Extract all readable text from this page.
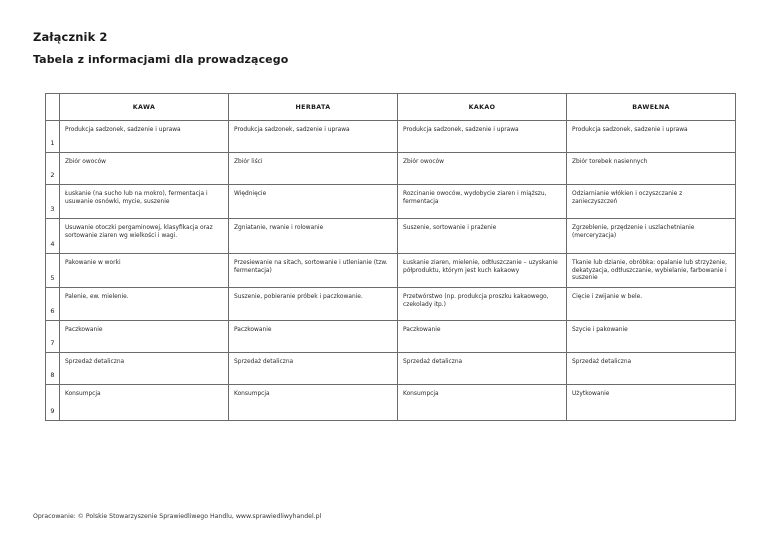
Załącznik 2
Tabela z informacjami dla prowadzącego
	KAWA	HERBATA	KAKAO	BAWEŁNA
1	Produkcja sadzonek, sadzenie i uprawa	Produkcja sadzonek, sadzenie i uprawa	Produkcja sadzonek, sadzenie i uprawa	Produkcja sadzonek, sadzenie i uprawa
2	Zbiór owoców	Zbiór liści	Zbiór owoców	Zbiór torebek nasiennych
3	Łuskanie (na sucho lub na mokro), fermentacja i usuwanie osnówki, mycie, suszenie	Więdnięcie	Rozcinanie owoców, wydobycie ziaren i miąższu, fermentacja	Odziarnianie włókien i oczyszczanie z zanieczyszczeń
4	Usuwanie otoczki pergaminowej, klasyfikacja oraz sortowanie ziaren wg wielkości i wagi.	Zgniatanie, rwanie i rolowanie	Suszenie, sortowanie i prażenie	Zgrzeblenie, przędzenie i uszlachetnianie (merceryzacja)
5	Pakowanie w worki	Przesiewanie na sitach, sortowanie i utlenianie (tzw. fermentacja)	Łuskanie ziaren, mielenie, odtłuszczanie – uzyskanie półproduktu, którym jest kuch kakaowy	Tkanie lub dzianie, obróbka: opalanie lub strzyżenie, dekatyzacja, odtłuszczanie, wybielanie, farbowanie i suszenie
6	Palenie, ew. mielenie.	Suszenie, pobieranie próbek i paczkowanie.	Przetwórstwo (np. produkcja proszku kakaowego, czekolady itp.)	Cięcie i zwijanie w bele.
7	Paczkowanie	Paczkowanie	Paczkowanie	Szycie i pakowanie
8	Sprzedaż detaliczna	Sprzedaż detaliczna	Sprzedaż detaliczna	Sprzedaż detaliczna
9	Konsumpcja	Konsumpcja	Konsumpcja	Użytkowanie
Opracowanie: © Polskie Stowarzyszenie Sprawiedliwego Handlu, www.sprawiedliwyhandel.pl
